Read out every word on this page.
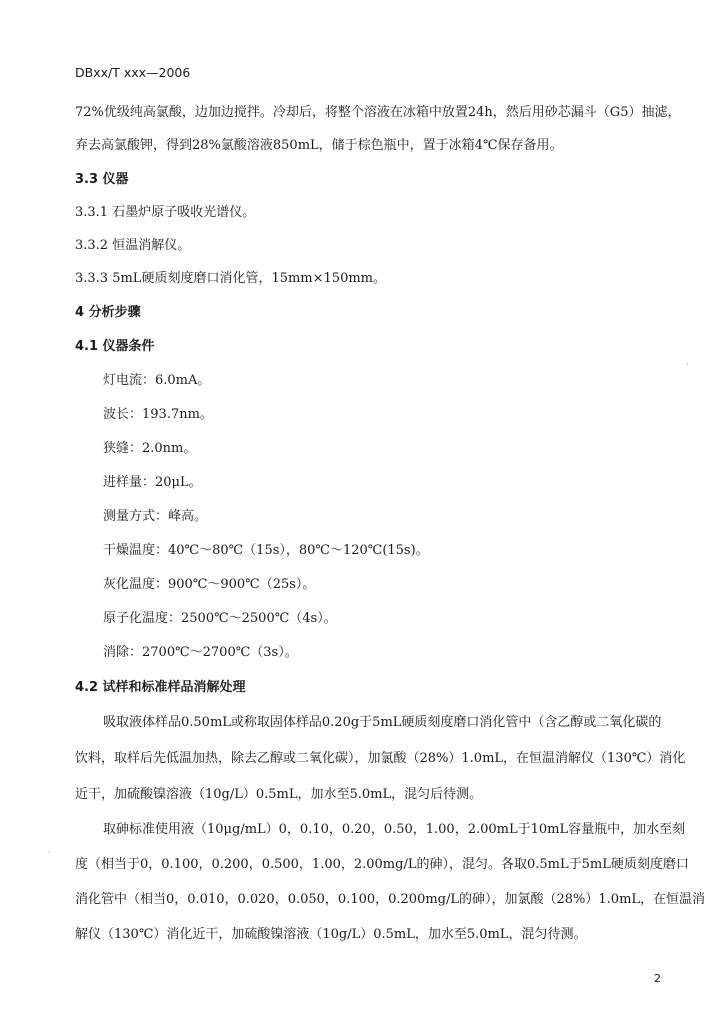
DBxx/T xxx—2006
72%优级纯高氯酸，边加边搅拌。冷却后，将整个溶液在冰箱中放置24h，然后用砂芯漏斗（G5）抽滤，
弃去高氯酸钾，得到28%氯酸溶液850mL，储于棕色瓶中，置于冰箱4℃保存备用。
3.3 仪器
3.3.1 石墨炉原子吸收光谱仪。
3.3.2 恒温消解仪。
3.3.3 5mL硬质刻度磨口消化管，15mm×150mm。
4 分析步骤
4.1 仪器条件
灯电流：6.0mA。
波长：193.7nm。
狭缝：2.0nm。
进样量：20μL。
测量方式：峰高。
干燥温度：40℃～80℃（15s），80℃～120℃(15s)。
灰化温度：900℃～900℃（25s）。
原子化温度：2500℃～2500℃（4s）。
消除：2700℃～2700℃（3s）。
4.2 试样和标准样品消解处理
吸取液体样品0.50mL或称取固体样品0.20g于5mL硬质刻度磨口消化管中（含乙醇或二氧化碳的
饮料，取样后先低温加热，除去乙醇或二氧化碳），加氯酸（28%）1.0mL，在恒温消解仪（130℃）消化
近干，加硫酸镍溶液（10g/L）0.5mL，加水至5.0mL，混匀后待测。
取砷标准使用液（10μg/mL）0，0.10，0.20，0.50，1.00，2.00mL于10mL容量瓶中，加水至刻
度（相当于0，0.100，0.200，0.500，1.00，2.00mg/L的砷），混匀。各取0.5mL于5mL硬质刻度磨口
消化管中（相当0，0.010，0.020，0.050，0.100，0.200mg/L的砷），加氯酸（28%）1.0mL，在恒温消
解仪（130℃）消化近干，加硫酸镍溶液（10g/L）0.5mL，加水至5.0mL，混匀待测。
2
·
·
